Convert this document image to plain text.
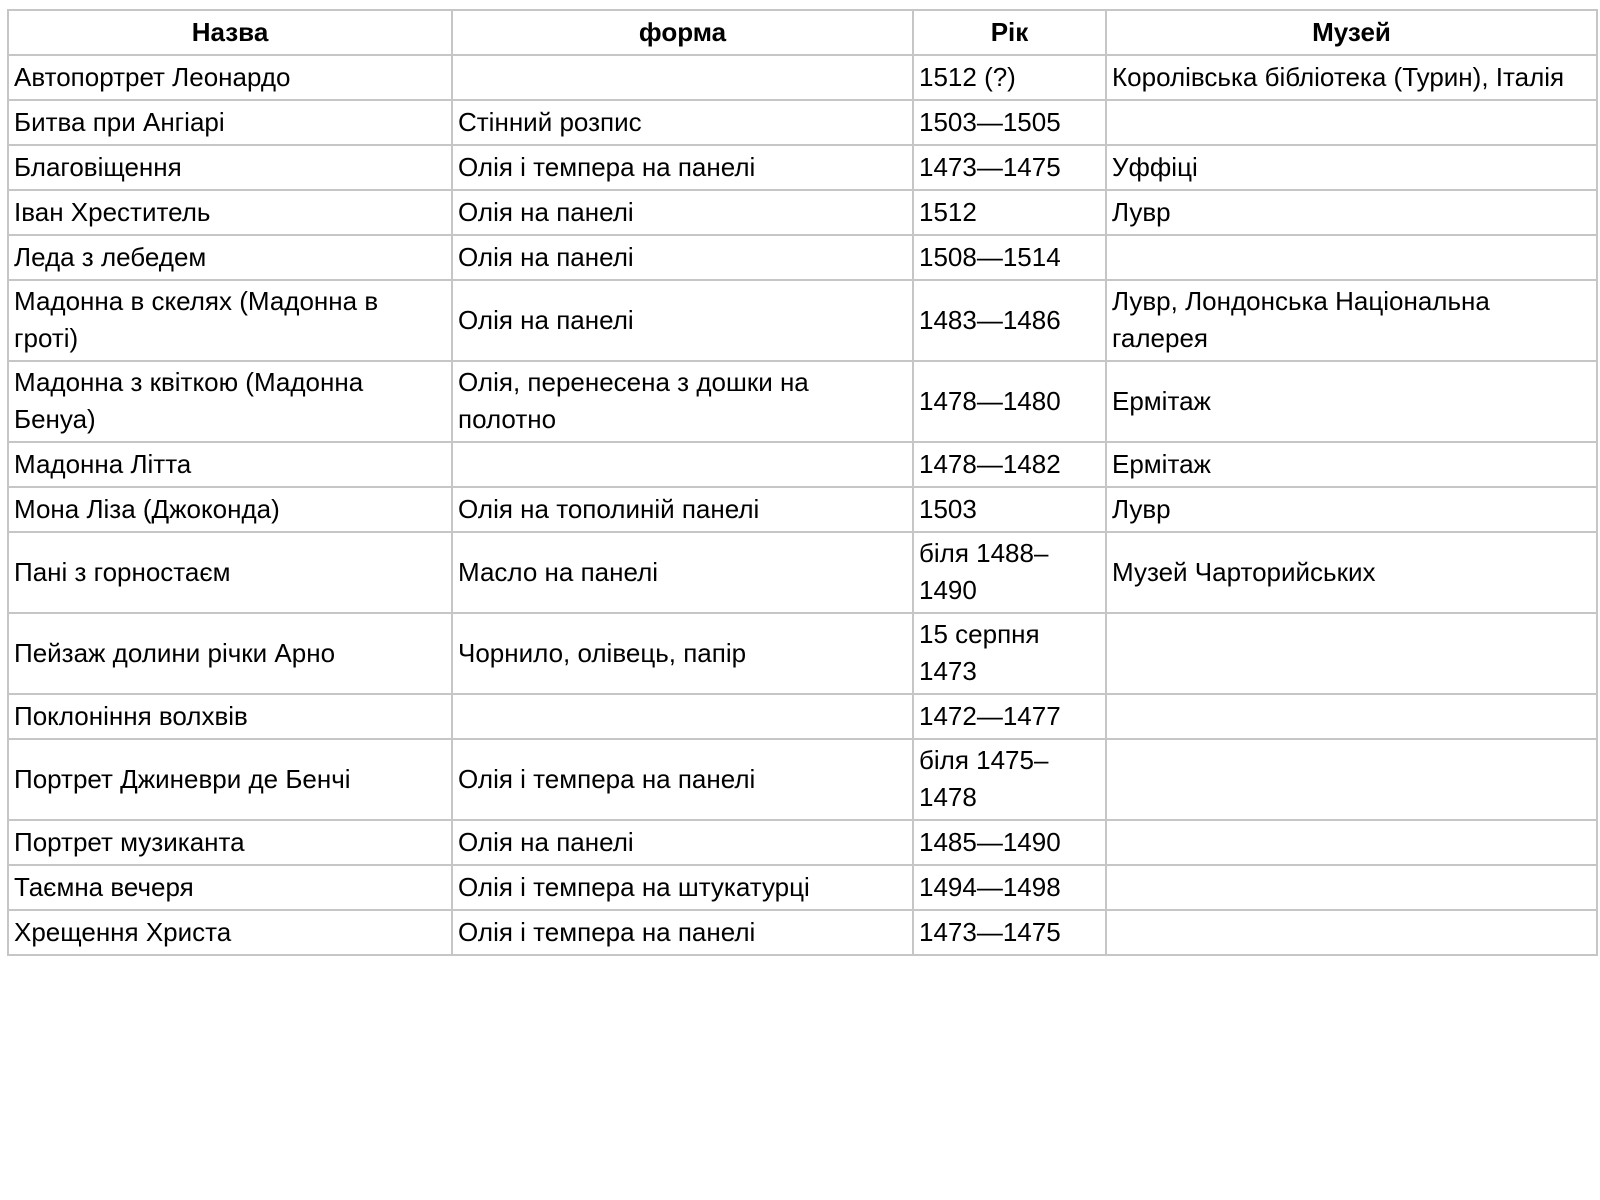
Назва	форма	Рік	Музей
Автопортрет Леонардо		1512 (?)	Королівська бібліотека (Турин), Італія
Битва при Ангіарі	Стінний розпис	1503—1505	
Благовіщення	Олія і темпера на панелі	1473—1475	Уффіці
Іван Хреститель	Олія на панелі	1512	Лувр
Леда з лебедем	Олія на панелі	1508—1514	
Мадонна в скелях (Мадонна в гроті)	Олія на панелі	1483—1486	Лувр, Лондонська Національна галерея
Мадонна з квіткою (Мадонна Бенуа)	Олія, перенесена з дошки на полотно	1478—1480	Ермітаж
Мадонна Літта		1478—1482	Ермітаж
Мона Ліза (Джоконда)	Олія на тополиній панелі	1503	Лувр
Пані з горностаєм	Масло на панелі	біля 1488–1490	Музей Чарторийських
Пейзаж долини річки Арно	Чорнило, олівець, папір	15 серпня 1473	
Поклоніння волхвів		1472—1477	
Портрет Джиневри де Бенчі	Олія і темпера на панелі	біля 1475–1478	
Портрет музиканта	Олія на панелі	1485—1490	
Таємна вечеря	Олія і темпера на штукатурці	1494—1498	
Хрещення Христа	Олія і темпера на панелі	1473—1475	
